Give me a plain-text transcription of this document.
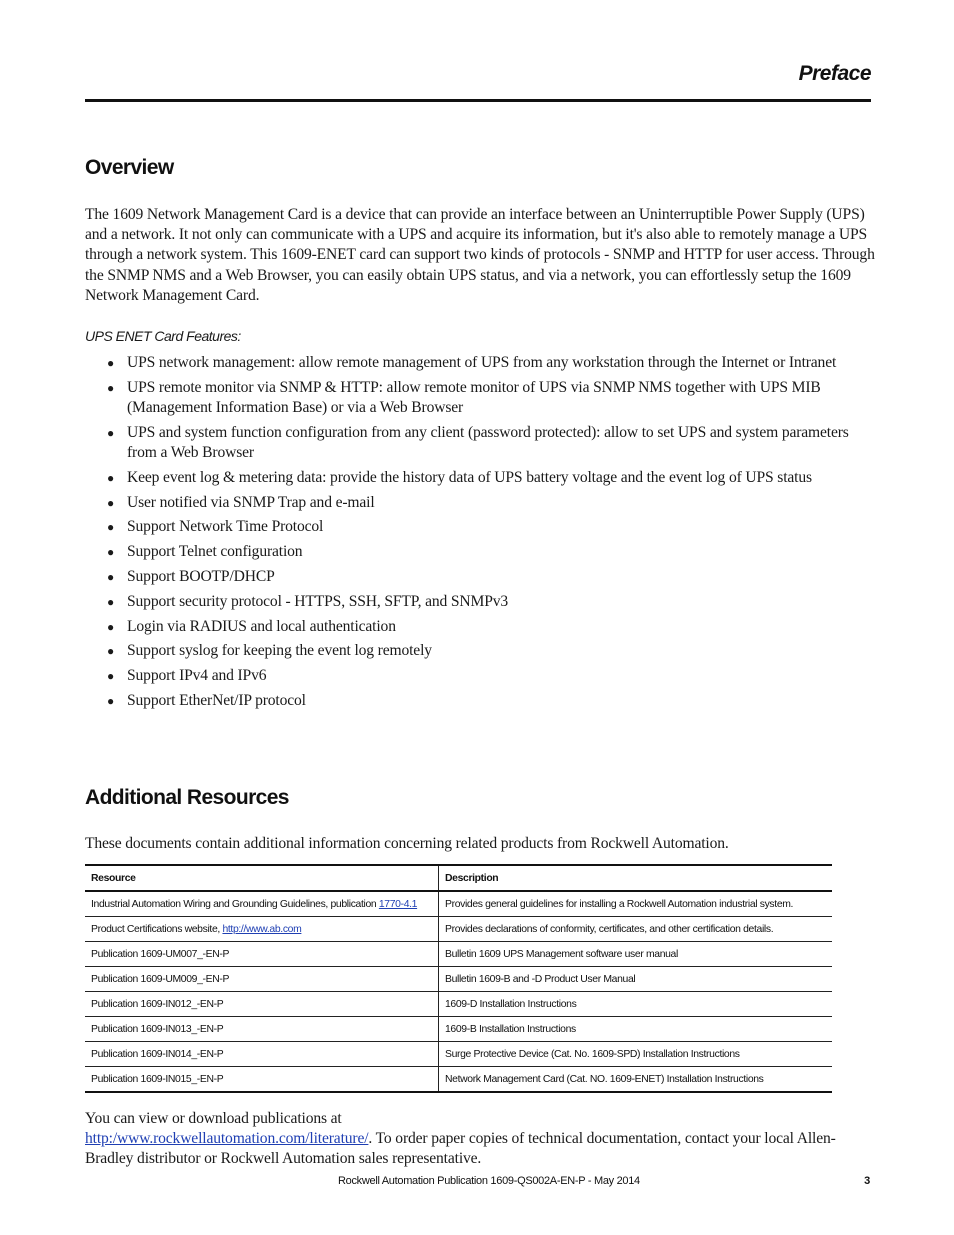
Preface
Overview

The 1609 Network Management Card is a device that can provide an interface between an Uninterruptible Power Supply (UPS) and a network. It not only can communicate with a UPS and acquire its information, but it's also able to remotely manage a UPS through a network system. This 1609-ENET card can support two kinds of protocols - SNMP and HTTP for user access. Through the SNMP NMS and a Web Browser, you can easily obtain UPS status, and via a network, you can effortlessly setup the 1609 Network Management Card.

UPS ENET Card Features:

● UPS network management: allow remote management of UPS from any workstation through the Internet or Intranet
● UPS remote monitor via SNMP & HTTP: allow remote monitor of UPS via SNMP NMS together with UPS MIB (Management Information Base) or via a Web Browser
● UPS and system function configuration from any client (password protected): allow to set UPS and system parameters from a Web Browser
● Keep event log & metering data: provide the history data of UPS battery voltage and the event log of UPS status
● User notified via SNMP Trap and e-mail
● Support Network Time Protocol
● Support Telnet configuration
● Support BOOTP/DHCP
● Support security protocol - HTTPS, SSH, SFTP, and SNMPv3
● Login via RADIUS and local authentication
● Support syslog for keeping the event log remotely
● Support IPv4 and IPv6
● Support EtherNet/IP protocol
Additional Resources

These documents contain additional information concerning related products from Rockwell Automation.

Resource	Description
Industrial Automation Wiring and Grounding Guidelines, publication 1770-4.1	Provides general guidelines for installing a Rockwell Automation industrial system.
Product Certifications website, http://www.ab.com	Provides declarations of conformity, certificates, and other certification details.
Publication 1609-UM007_-EN-P	Bulletin 1609 UPS Management software user manual
Publication 1609-UM009_-EN-P	Bulletin 1609-B and -D Product User Manual
Publication 1609-IN012_-EN-P	1609-D Installation Instructions
Publication 1609-IN013_-EN-P	1609-B Installation Instructions
Publication 1609-IN014_-EN-P	Surge Protective Device (Cat. No. 1609-SPD) Installation Instructions
Publication 1609-IN015_-EN-P	Network Management Card (Cat. NO. 1609-ENET) Installation Instructions

You can view or download publications at
http:/www.rockwellautomation.com/literature/. To order paper copies of technical documentation, contact your local Allen-Bradley distributor or Rockwell Automation sales representative.

Rockwell Automation Publication 1609-QS002A-EN-P - May 2014	3
